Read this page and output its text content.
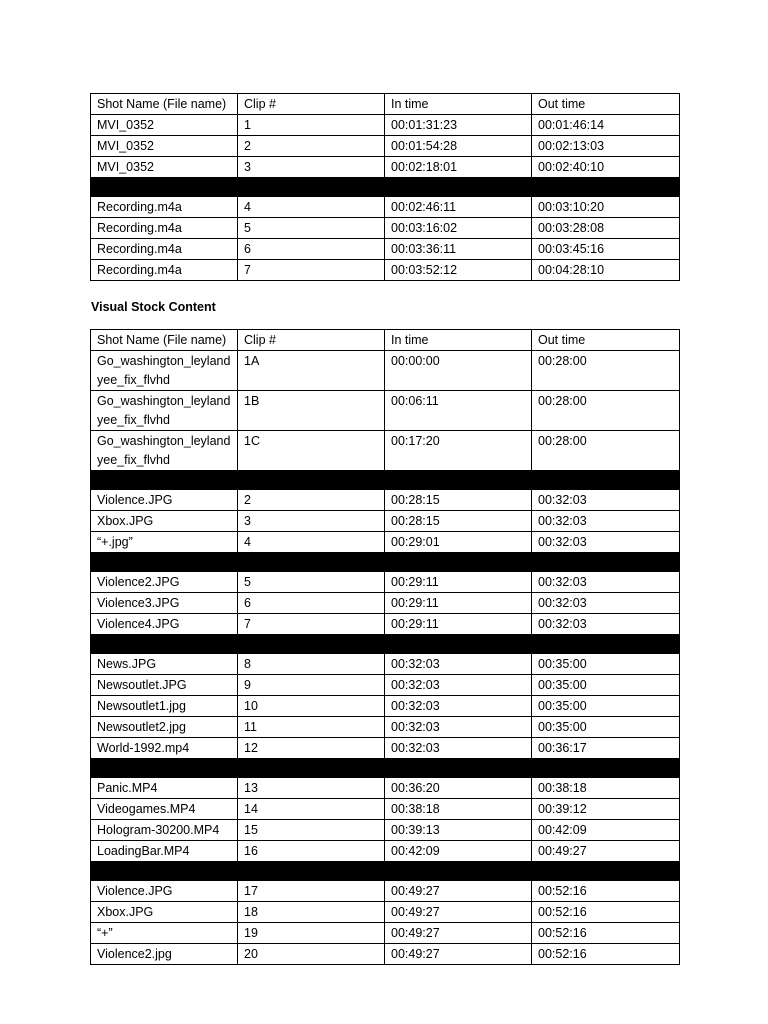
Shot Name (File name)	Clip #	In time	Out time
MVI_0352	1	00:01:31:23	00:01:46:14
MVI_0352	2	00:01:54:28	00:02:13:03
MVI_0352	3	00:02:18:01	00:02:40:10

Recording.m4a	4	00:02:46:11	00:03:10:20
Recording.m4a	5	00:03:16:02	00:03:28:08
Recording.m4a	6	00:03:36:11	00:03:45:16
Recording.m4a	7	00:03:52:12	00:04:28:10
Visual Stock Content
Shot Name (File name)	Clip #	In time	Out time
Go_washington_leylandyee_fix_flvhd	1A	00:00:00	00:28:00
Go_washington_leylandyee_fix_flvhd	1B	00:06:11	00:28:00
Go_washington_leylandyee_fix_flvhd	1C	00:17:20	00:28:00

Violence.JPG	2	00:28:15	00:32:03
Xbox.JPG	3	00:28:15	00:32:03
“+.jpg”	4	00:29:01	00:32:03

Violence2.JPG	5	00:29:11	00:32:03
Violence3.JPG	6	00:29:11	00:32:03
Violence4.JPG	7	00:29:11	00:32:03

News.JPG	8	00:32:03	00:35:00
Newsoutlet.JPG	9	00:32:03	00:35:00
Newsoutlet1.jpg	10	00:32:03	00:35:00
Newsoutlet2.jpg	11	00:32:03	00:35:00
World-1992.mp4	12	00:32:03	00:36:17

Panic.MP4	13	00:36:20	00:38:18
Videogames.MP4	14	00:38:18	00:39:12
Hologram-30200.MP4	15	00:39:13	00:42:09
LoadingBar.MP4	16	00:42:09	00:49:27

Violence.JPG	17	00:49:27	00:52:16
Xbox.JPG	18	00:49:27	00:52:16
“+”	19	00:49:27	00:52:16
Violence2.jpg	20	00:49:27	00:52:16
